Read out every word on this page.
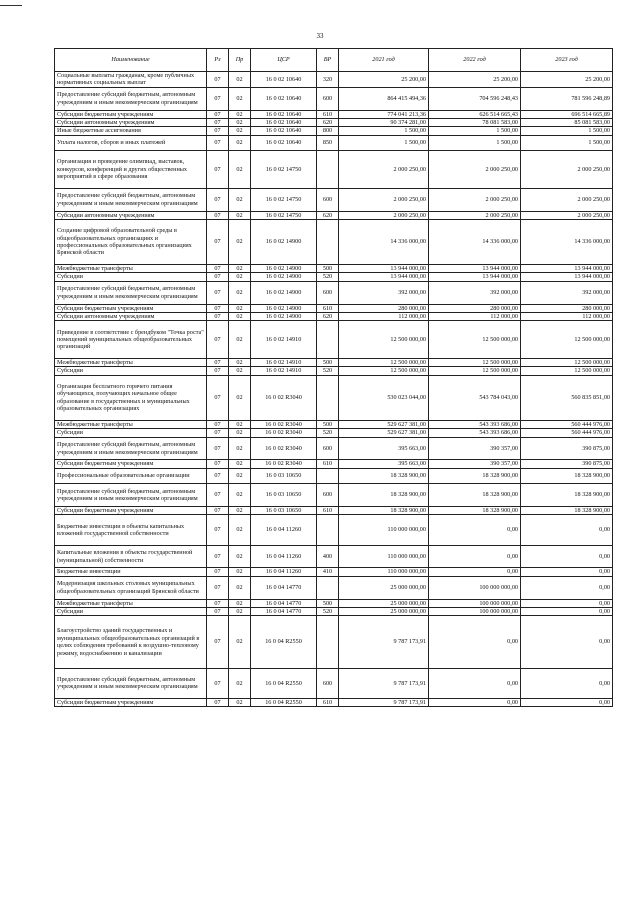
33
Наименование	Рз	Пр	ЦСР	ВР	2021 год	2022 год	2023 год
Социальные выплаты гражданам, кроме публичных нормативных социальных выплат	07	02	16 0 02 10640	320	25 200,00	25 200,00	25 200,00
Предоставление субсидий бюджетным, автономным учреждениям и иным некоммерческим организациям	07	02	16 0 02 10640	600	864 415 494,36	704 596 248,43	781 596 248,89
Субсидии бюджетным учреждениям	07	02	16 0 02 10640	610	774 041 213,36	626 514 665,43	696 514 665,89
Субсидии автономным учреждениям	07	02	16 0 02 10640	620	90 374 281,00	78 081 583,00	85 081 583,00
Иные бюджетные ассигнования	07	02	16 0 02 10640	800	1 500,00	1 500,00	1 500,00
Уплата налогов, сборов и иных платежей	07	02	16 0 02 10640	850	1 500,00	1 500,00	1 500,00
Организация и проведение олимпиад, выставок, конкурсов, конференций и других общественных мероприятий в сфере образования	07	02	16 0 02 14750		2 000 250,00	2 000 250,00	2 000 250,00
Предоставление субсидий бюджетным, автономным учреждениям и иным некоммерческим организациям	07	02	16 0 02 14750	600	2 000 250,00	2 000 250,00	2 000 250,00
Субсидии автономным учреждениям	07	02	16 0 02 14750	620	2 000 250,00	2 000 250,00	2 000 250,00
Создание цифровой образовательной среды в общеобразовательных организациях и профессиональных образовательных организациях Брянской области	07	02	16 0 02 14900		14 336 000,00	14 336 000,00	14 336 000,00
Межбюджетные трансферты	07	02	16 0 02 14900	500	13 944 000,00	13 944 000,00	13 944 000,00
Субсидии	07	02	16 0 02 14900	520	13 944 000,00	13 944 000,00	13 944 000,00
Предоставление субсидий бюджетным, автономным учреждениям и иным некоммерческим организациям	07	02	16 0 02 14900	600	392 000,00	392 000,00	392 000,00
Субсидии бюджетным учреждениям	07	02	16 0 02 14900	610	280 000,00	280 000,00	280 000,00
Субсидии автономным учреждениям	07	02	16 0 02 14900	620	112 000,00	112 000,00	112 000,00
Приведение в соответствие с брендбуком "Точка роста" помещений муниципальных общеобразовательных организаций	07	02	16 0 02 14910		12 500 000,00	12 500 000,00	12 500 000,00
Межбюджетные трансферты	07	02	16 0 02 14910	500	12 500 000,00	12 500 000,00	12 500 000,00
Субсидии	07	02	16 0 02 14910	520	12 500 000,00	12 500 000,00	12 500 000,00
Организация бесплатного горячего питания обучающихся, получающих начальное общее образование в государственных и муниципальных образовательных организациях	07	02	16 0 02 R3040		530 023 044,00	543 784 043,00	560 835 851,00
Межбюджетные трансферты	07	02	16 0 02 R3040	500	529 627 381,00	543 393 686,00	560 444 976,00
Субсидии	07	02	16 0 02 R3040	520	529 627 381,00	543 393 686,00	560 444 976,00
Предоставление субсидий бюджетным, автономным учреждениям и иным некоммерческим организациям	07	02	16 0 02 R3040	600	395 663,00	390 357,00	390 875,00
Субсидии бюджетным учреждениям	07	02	16 0 02 R3040	610	395 663,00	390 357,00	390 875,00
Профессиональные образовательные организации	07	02	16 0 03 10650		18 328 900,00	18 328 900,00	18 328 900,00
Предоставление субсидий бюджетным, автономным учреждениям и иным некоммерческим организациям	07	02	16 0 03 10650	600	18 328 900,00	18 328 900,00	18 328 900,00
Субсидии бюджетным учреждениям	07	02	16 0 03 10650	610	18 328 900,00	18 328 900,00	18 328 900,00
Бюджетные инвестиции в объекты капитальных вложений государственной собственности	07	02	16 0 04 11260		110 000 000,00	0,00	0,00
Капитальные вложения в объекты государственной (муниципальной) собственности	07	02	16 0 04 11260	400	110 000 000,00	0,00	0,00
Бюджетные инвестиции	07	02	16 0 04 11260	410	110 000 000,00	0,00	0,00
Модернизация школьных столовых муниципальных общеобразовательных организаций Брянской области	07	02	16 0 04 14770		25 000 000,00	100 000 000,00	0,00
Межбюджетные трансферты	07	02	16 0 04 14770	500	25 000 000,00	100 000 000,00	0,00
Субсидии	07	02	16 0 04 14770	520	25 000 000,00	100 000 000,00	0,00
Благоустройство зданий государственных и муниципальных общеобразовательных организаций в целях соблюдения требований к воздушно-тепловому режиму, водоснабжению и канализации	07	02	16 0 04 R2550		9 787 173,91	0,00	0,00
Предоставление субсидий бюджетным, автономным учреждениям и иным некоммерческим организациям	07	02	16 0 04 R2550	600	9 787 173,91	0,00	0,00
Субсидии бюджетным учреждениям	07	02	16 0 04 R2550	610	9 787 173,91	0,00	0,00
